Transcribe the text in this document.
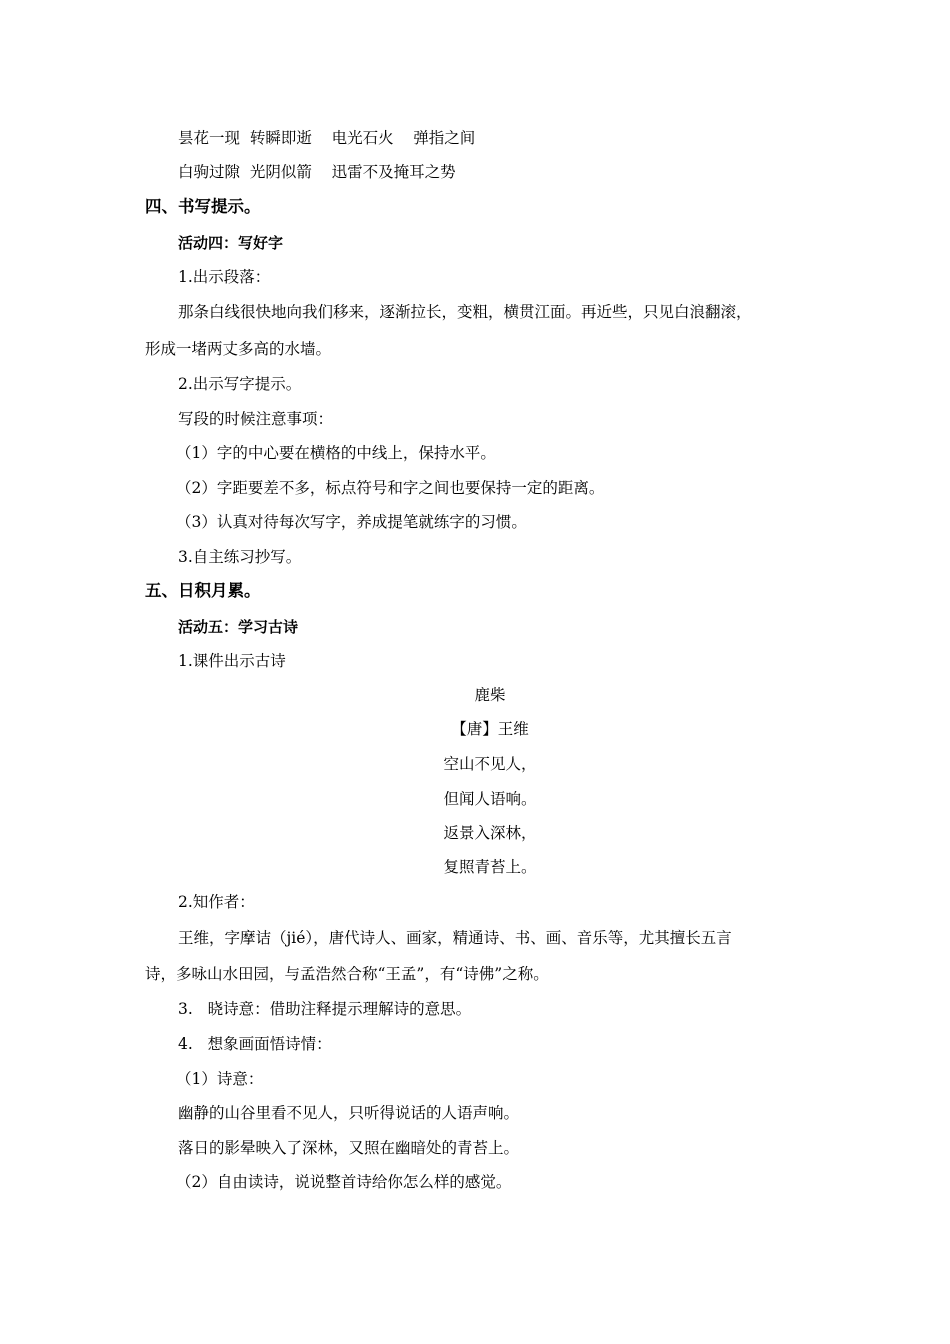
昙花一现  转瞬即逝    电光石火    弹指之间
白驹过隙  光阴似箭    迅雷不及掩耳之势
四、书写提示。
活动四：写好字
1.出示段落：
那条白线很快地向我们移来，逐渐拉长，变粗，横贯江面。再近些，只见白浪翻滚，
形成一堵两丈多高的水墙。
2.出示写字提示。
写段的时候注意事项：
（1）字的中心要在横格的中线上，保持水平。
（2）字距要差不多，标点符号和字之间也要保持一定的距离。
（3）认真对待每次写字，养成提笔就练字的习惯。
3.自主练习抄写。
五、日积月累。
活动五：学习古诗
1.课件出示古诗
鹿柴
【唐】王维
空山不见人，
但闻人语响。
返景入深林，
复照青苔上。
2.知作者：
王维，字摩诘（jié），唐代诗人、画家，精通诗、书、画、音乐等，尤其擅长五言
诗，多咏山水田园，与孟浩然合称“王孟”，有“诗佛”之称。
3.   晓诗意：借助注释提示理解诗的意思。
4.   想象画面悟诗情：
（1）诗意：
幽静的山谷里看不见人，只听得说话的人语声响。
落日的影晕映入了深林，又照在幽暗处的青苔上。
（2）自由读诗，说说整首诗给你怎么样的感觉。
